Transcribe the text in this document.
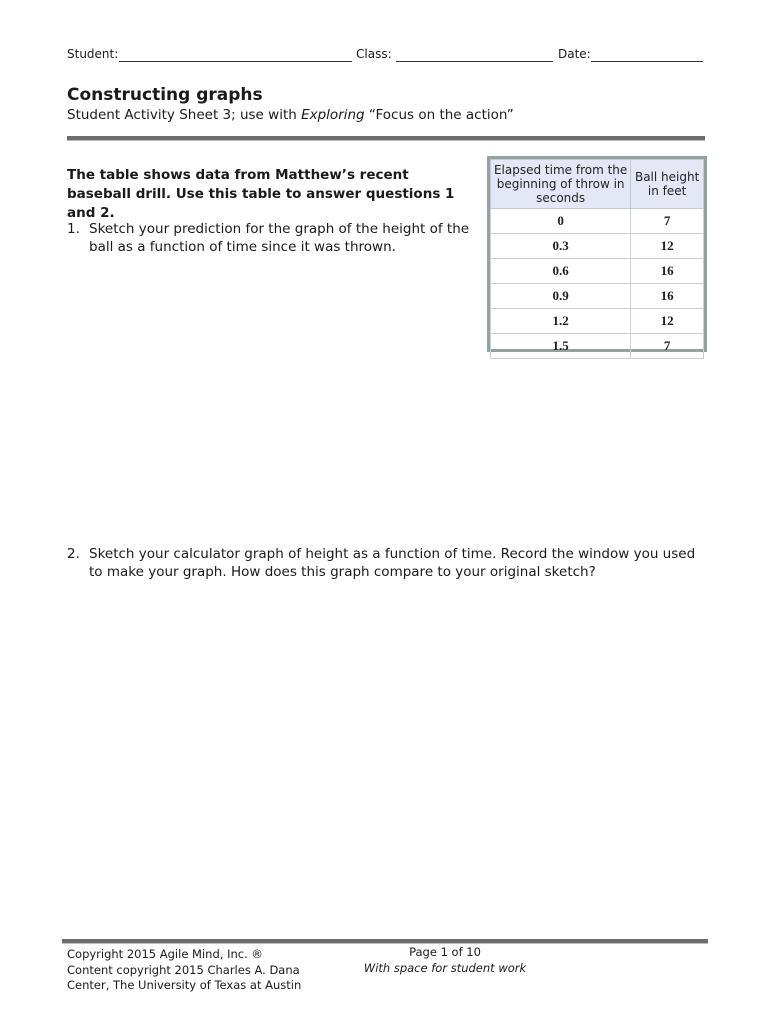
Student:	Class:	Date:
Constructing graphs
Student Activity Sheet 3; use with Exploring “Focus on the action”
The table shows data from Matthew’s recent baseball drill. Use this table to answer questions 1 and 2.
1. Sketch your prediction for the graph of the height of the ball as a function of time since it was thrown.
Elapsed time from the beginning of throw in seconds	Ball height in feet
0	7
0.3	12
0.6	16
0.9	16
1.2	12
1.5	7
2. Sketch your calculator graph of height as a function of time. Record the window you used to make your graph. How does this graph compare to your original sketch?
Copyright 2015 Agile Mind, Inc. ®
Content copyright 2015 Charles A. Dana
Center, The University of Texas at Austin
Page 1 of 10
With space for student work
